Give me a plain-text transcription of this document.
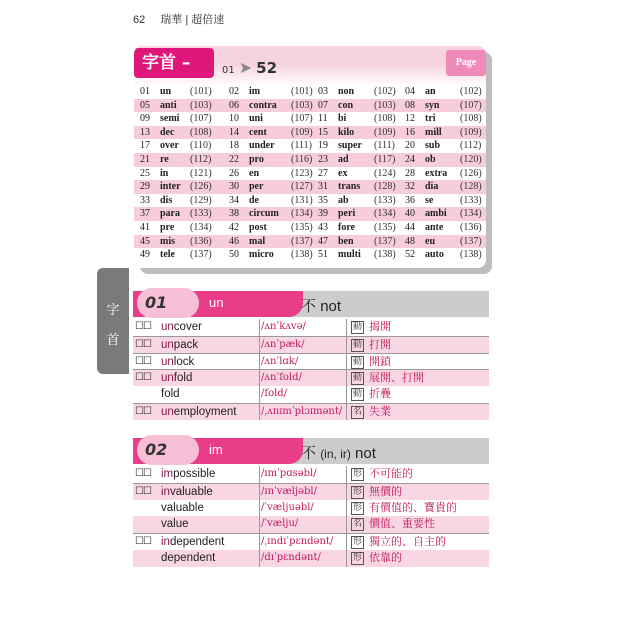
62 瑞華 | 超倍速
字首 –	01 ➤ 52	Page
01	un (101) 02	im	(101) 03	non (102) 04	an (102)
05	anti (103) 06	contra (103) 07	con (103) 08	syn (107)
09	semi (107) 10	uni	(107) 11	bi	(108) 12	tri (108)
13	dec (108) 14	cent (109) 15	kilo (109) 16	mill (109)
17	over (110) 18	under (111) 19	super (111) 20	sub (112)
21	re (112) 22	pro	(116) 23	ad	(117) 24	ob (120)
25	in (121) 26	en	(123) 27	ex	(124) 28	extra (126)
29	inter (126) 30	per	(127) 31	trans (128) 32	dia (128)
33	dis (129) 34	de	(131) 35	ab	(133) 36	se	(133)
37	para (133) 38	circum (134) 39	peri (134) 40	ambi (134)
41	pre (134) 42	post (135) 43	fore (135) 44	ante (136)
45	mis (136) 46	mal	(137) 47	ben (137) 48	eu	(137)
49	tele (137) 50	micro (138) 51	multi (138) 52	auto (138)
字
首
01	un	不 not
☐☐ uncover	/ʌnˈkʌvə/	動 揭開
☐☐ unpack	/ʌnˈpæk/	動 打開
☐☐ unlock	/ʌnˈlɑk/	動 開鎖
☐☐ unfold	/ʌnˈfold/	動 展開、打開
fold	/fold/	動 折疊
☐☐ unemployment /ˌʌnɪmˈplɔɪmənt/ 名 失業
02	im	不 (in, ir) not
☐☐ impossible	/ɪmˈpɑsəbl/	形 不可能的
☐☐ invaluable	/ɪnˈvæljəbl/	形 無價的
valuable	/ˈvæljuəbl/	形 有價值的、寶貴的
value	/ˈvælju/	名 價值、重要性
☐☐ independent	/ˌɪndɪˈpɛndənt/ 形 獨立的、自主的
dependent	/dɪˈpɛndənt/	形 依靠的
